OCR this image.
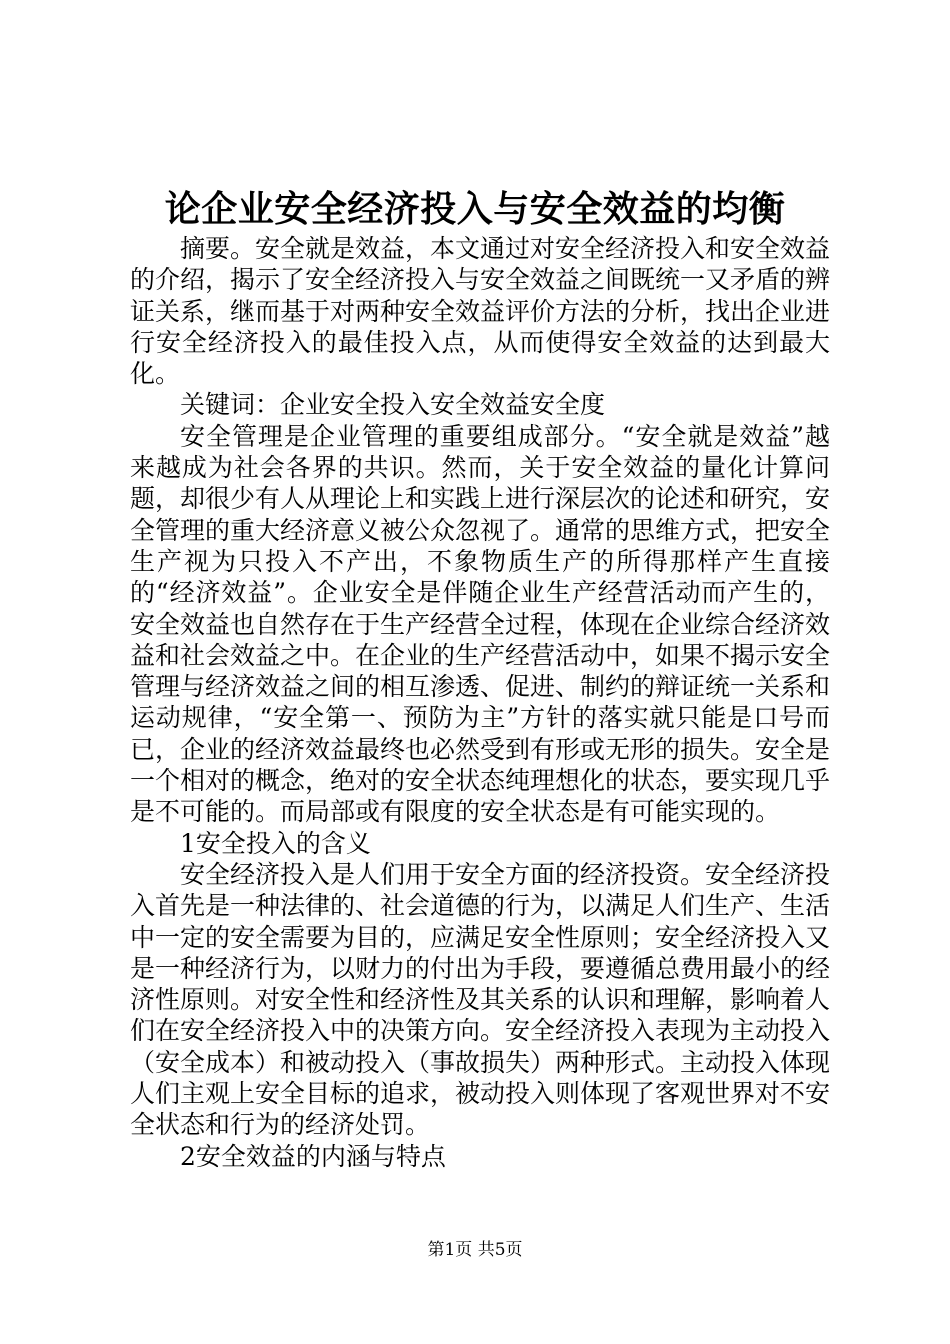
论企业安全经济投入与安全效益的均衡

摘要。安全就是效益，本文通过对安全经济投入和安全效益的介绍，揭示了安全经济投入与安全效益之间既统一又矛盾的辨证关系，继而基于对两种安全效益评价方法的分析，找出企业进行安全经济投入的最佳投入点，从而使得安全效益的达到最大化。

关键词：企业安全投入安全效益安全度

安全管理是企业管理的重要组成部分。“安全就是效益”越来越成为社会各界的共识。然而，关于安全效益的量化计算问题，却很少有人从理论上和实践上进行深层次的论述和研究，安全管理的重大经济意义被公众忽视了。通常的思维方式，把安全生产视为只投入不产出，不象物质生产的所得那样产生直接的“经济效益”。企业安全是伴随企业生产经营活动而产生的，安全效益也自然存在于生产经营全过程，体现在企业综合经济效益和社会效益之中。在企业的生产经营活动中，如果不揭示安全管理与经济效益之间的相互渗透、促进、制约的辩证统一关系和运动规律，“安全第一、预防为主”方针的落实就只能是口号而已，企业的经济效益最终也必然受到有形或无形的损失。安全是一个相对的概念，绝对的安全状态纯理想化的状态，要实现几乎是不可能的。而局部或有限度的安全状态是有可能实现的。

1安全投入的含义

安全经济投入是人们用于安全方面的经济投资。安全经济投入首先是一种法律的、社会道德的行为，以满足人们生产、生活中一定的安全需要为目的，应满足安全性原则；安全经济投入又是一种经济行为，以财力的付出为手段，要遵循总费用最小的经济性原则。对安全性和经济性及其关系的认识和理解，影响着人们在安全经济投入中的决策方向。安全经济投入表现为主动投入（安全成本）和被动投入（事故损失）两种形式。主动投入体现人们主观上安全目标的追求，被动投入则体现了客观世界对不安全状态和行为的经济处罚。

2安全效益的内涵与特点

第1页 共5页
